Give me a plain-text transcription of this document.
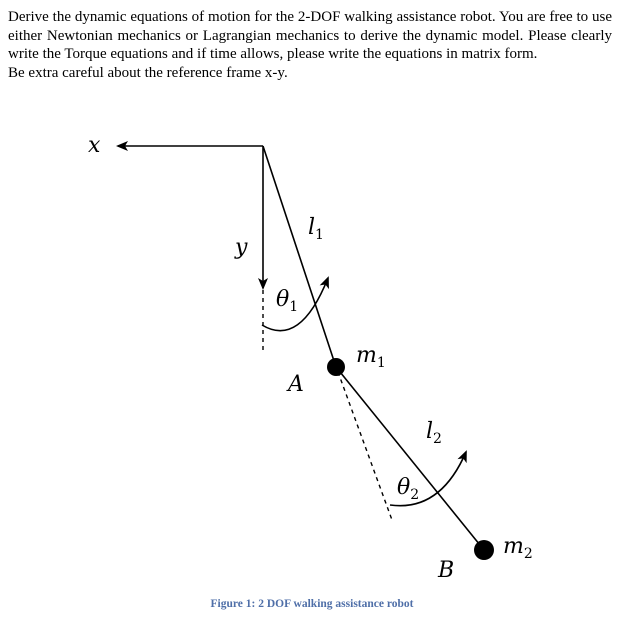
Derive the dynamic equations of motion for the 2-DOF walking assistance robot. You are free to use either Newtonian mechanics or Lagrangian mechanics to derive the dynamic model. Please clearly write the Torque equations and if time allows, please write the equations in matrix form.

Be extra careful about the reference frame x-y.

x
y
l1
θ1
m1
A
l2
θ2
m2
B
Figure 1: 2 DOF walking assistance robot
